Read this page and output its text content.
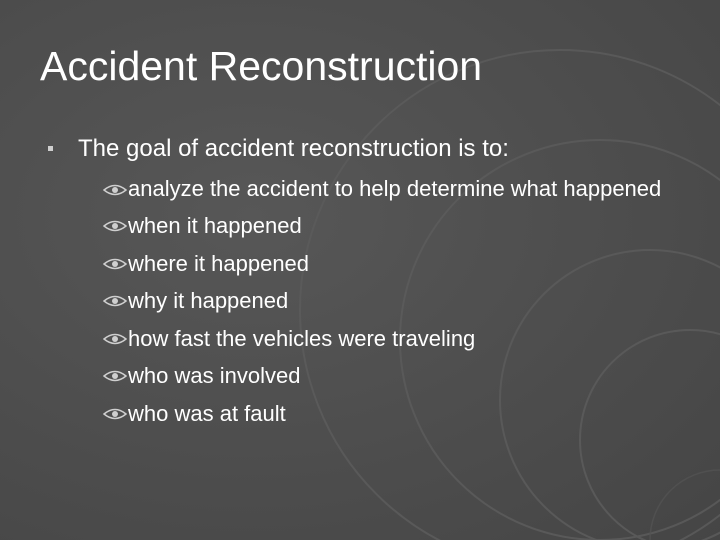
Accident Reconstruction
The goal of accident reconstruction is to:
analyze the accident to help determine what happened
when it happened
where it happened
why it happened
how fast the vehicles were traveling
who was involved
who was at fault
